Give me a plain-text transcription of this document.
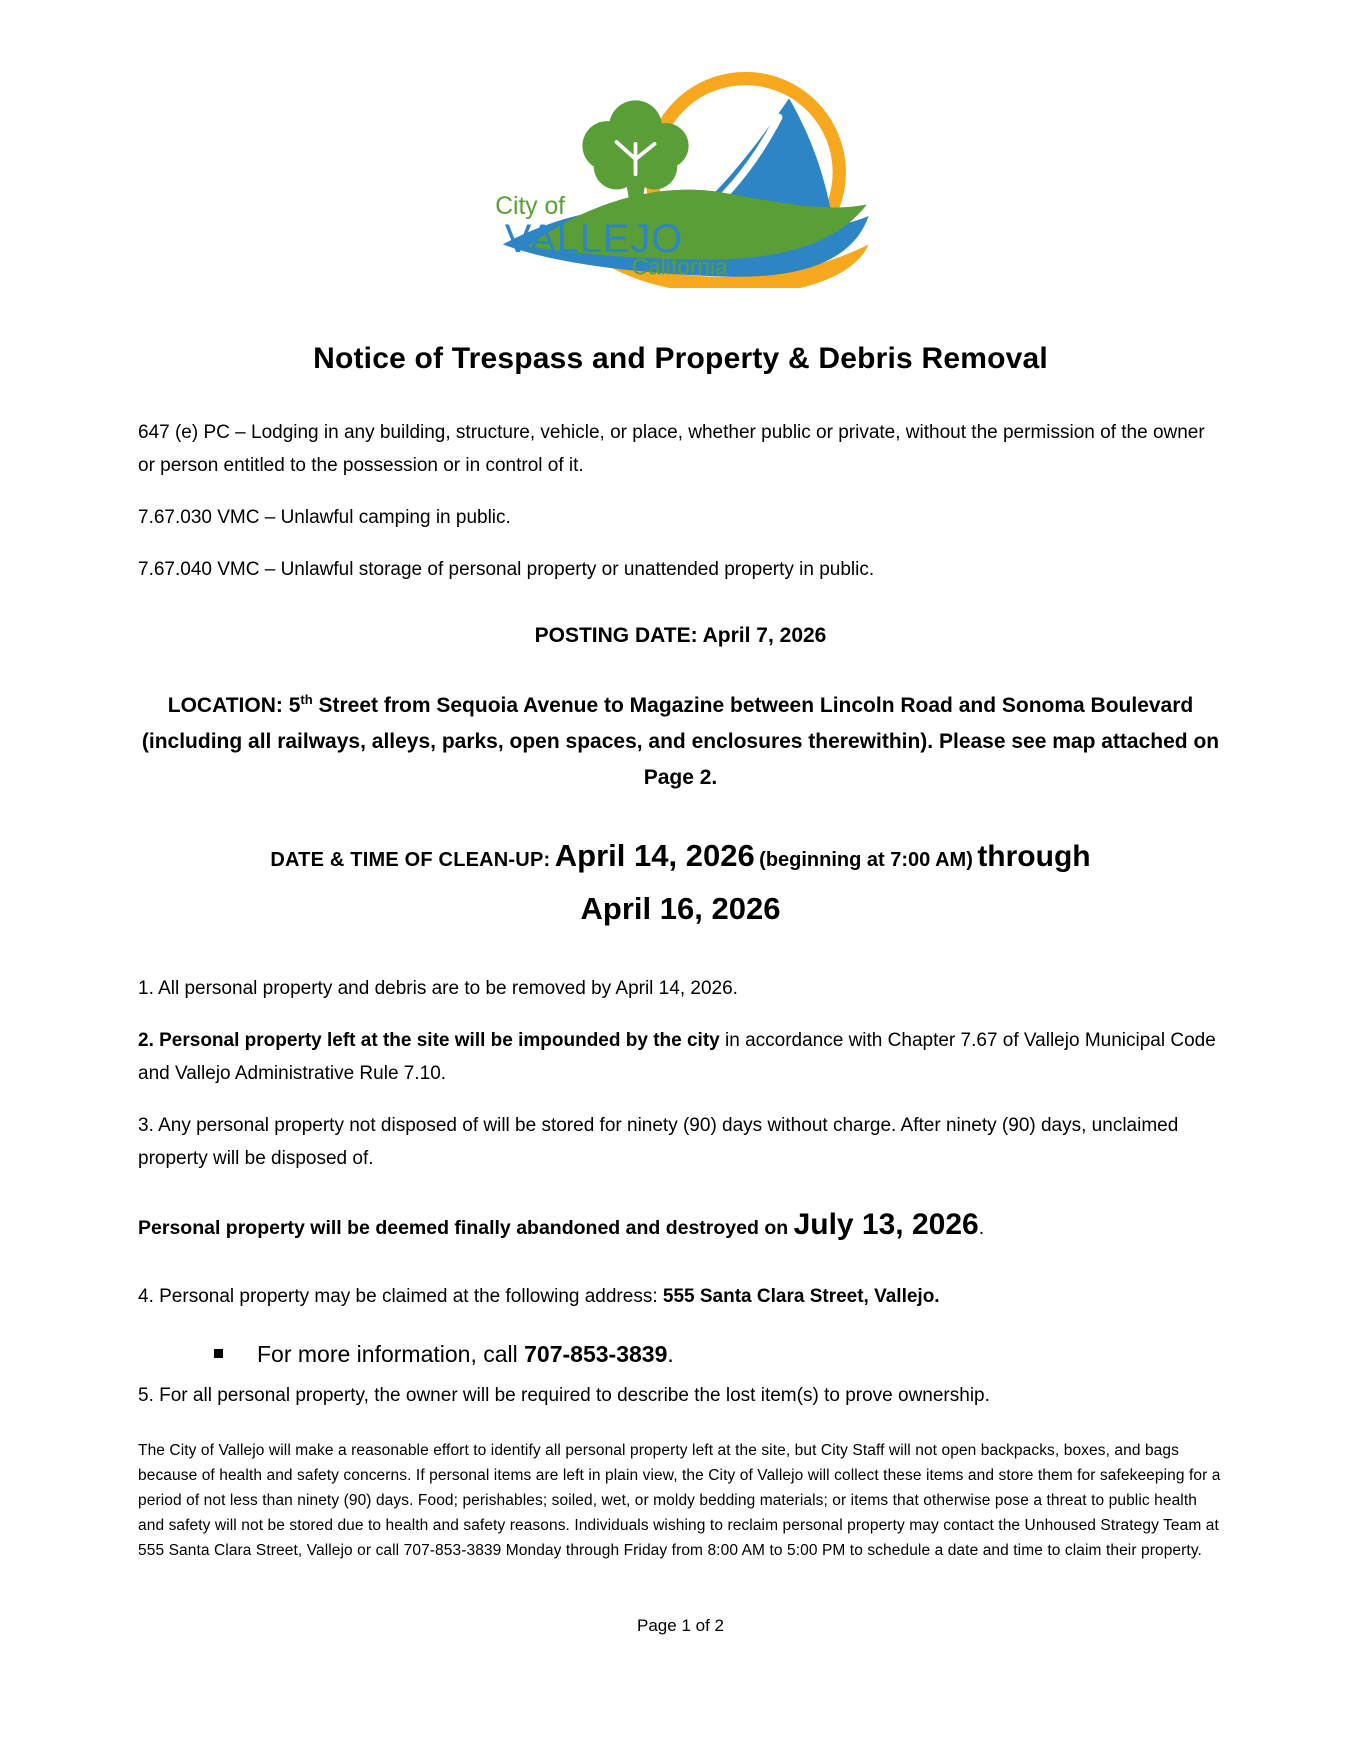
City of
VALLEJO
California
Notice of Trespass and Property & Debris Removal

647 (e) PC – Lodging in any building, structure, vehicle, or place, whether public or private, without the permission of the owner or person entitled to the possession or in control of it.

7.67.030 VMC – Unlawful camping in public.

7.67.040 VMC – Unlawful storage of personal property or unattended property in public.

POSTING DATE: April 7, 2026
LOCATION: 5th Street from Sequoia Avenue to Magazine between Lincoln Road and Sonoma Boulevard (including all railways, alleys, parks, open spaces, and enclosures therewithin). Please see map attached on Page 2.
DATE & TIME OF CLEAN-UP: April 14, 2026 (beginning at 7:00 AM) through
April 16, 2026

1. All personal property and debris are to be removed by April 14, 2026.

2. Personal property left at the site will be impounded by the city in accordance with Chapter 7.67 of Vallejo Municipal Code and Vallejo Administrative Rule 7.10.

3. Any personal property not disposed of will be stored for ninety (90) days without charge. After ninety (90) days, unclaimed property will be disposed of.

Personal property will be deemed finally abandoned and destroyed on July 13, 2026.

4. Personal property may be claimed at the following address: 555 Santa Clara Street, Vallejo.

For more information, call 707-853-3839.

5. For all personal property, the owner will be required to describe the lost item(s) to prove ownership.

The City of Vallejo will make a reasonable effort to identify all personal property left at the site, but City Staff will not open backpacks, boxes, and bags because of health and safety concerns. If personal items are left in plain view, the City of Vallejo will collect these items and store them for safekeeping for a period of not less than ninety (90) days. Food; perishables; soiled, wet, or moldy bedding materials; or items that otherwise pose a threat to public health and safety will not be stored due to health and safety reasons. Individuals wishing to reclaim personal property may contact the Unhoused Strategy Team at 555 Santa Clara Street, Vallejo or call 707-853-3839 Monday through Friday from 8:00 AM to 5:00 PM to schedule a date and time to claim their property.

Page 1 of 2
